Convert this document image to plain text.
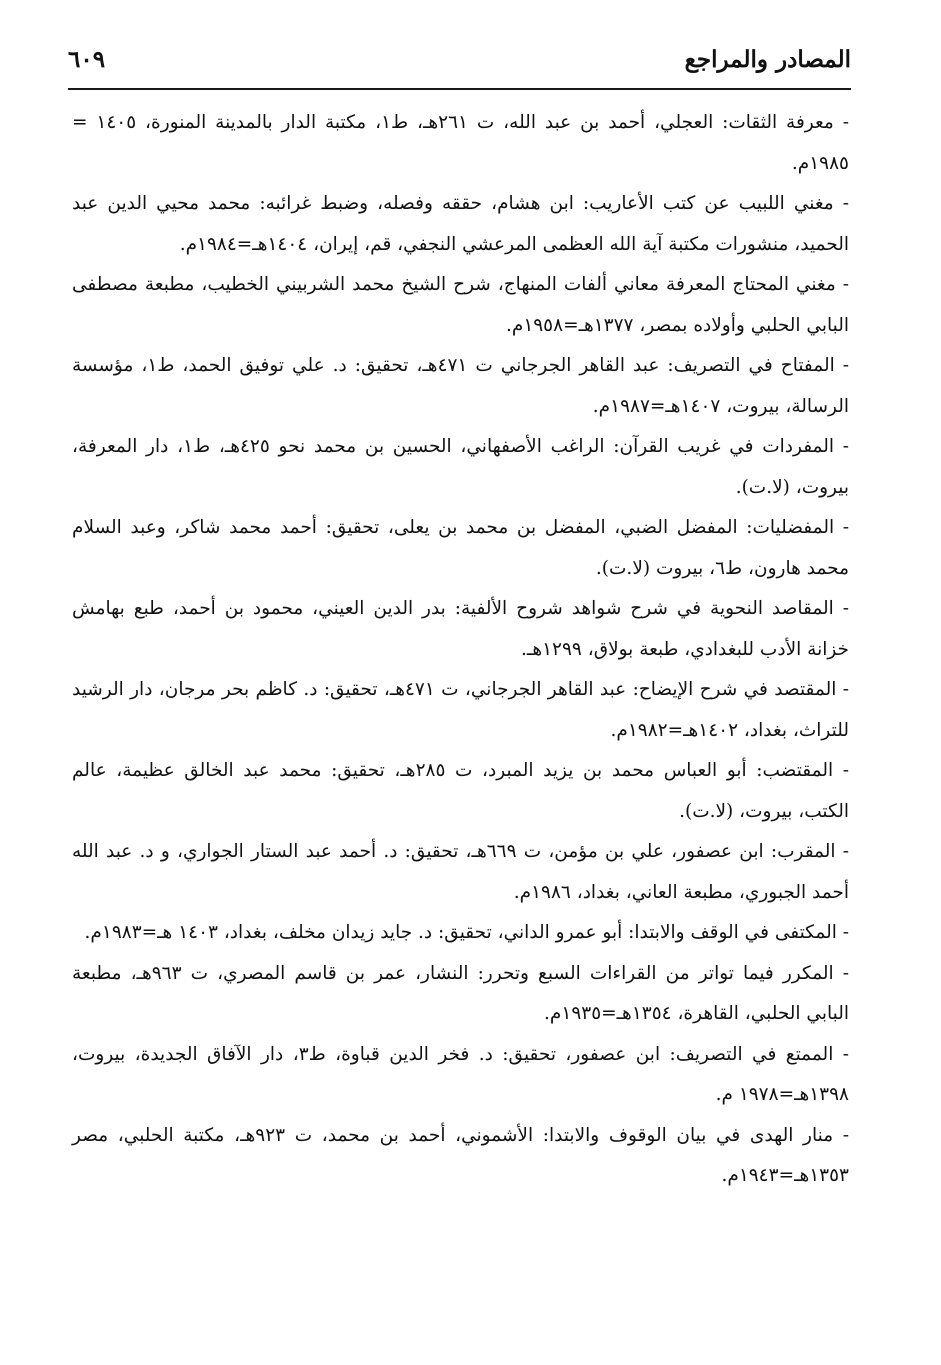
المصادر والمراجع
٦٠٩

- معرفة الثقات: العجلي، أحمد بن عبد الله، ت ٢٦١هـ، ط١، مكتبة الدار بالمدينة المنورة، ١٤٠٥ = ١٩٨٥م.

- مغني اللبيب عن كتب الأعاريب: ابن هشام، حققه وفصله، وضبط غرائبه: محمد محيي الدين عبد الحميد، منشورات مكتبة آية الله العظمى المرعشي النجفي، قم، إيران، ١٤٠٤هـ=١٩٨٤م.

- مغني المحتاج المعرفة معاني ألفات المنهاج، شرح الشيخ محمد الشربيني الخطيب، مطبعة مصطفى البابي الحلبي وأولاده بمصر، ١٣٧٧هـ=١٩٥٨م.

- المفتاح في التصريف: عبد القاهر الجرجاني ت ٤٧١هـ، تحقيق: د. علي توفيق الحمد، ط١، مؤسسة الرسالة، بيروت، ١٤٠٧هـ=١٩٨٧م.

- المفردات في غريب القرآن: الراغب الأصفهاني، الحسين بن محمد نحو ٤٢٥هـ، ط١، دار المعرفة، بيروت، (لا.ت).

- المفضليات: المفضل الضبي، المفضل بن محمد بن يعلى، تحقيق: أحمد محمد شاكر، وعبد السلام محمد هارون، ط٦، بيروت (لا.ت).

- المقاصد النحوية في شرح شواهد شروح الألفية: بدر الدين العيني، محمود بن أحمد، طبع بهامش خزانة الأدب للبغدادي، طبعة بولاق، ١٢٩٩هـ.

- المقتصد في شرح الإيضاح: عبد القاهر الجرجاني، ت ٤٧١هـ، تحقيق: د. كاظم بحر مرجان، دار الرشيد للتراث، بغداد، ١٤٠٢هـ=١٩٨٢م.

- المقتضب: أبو العباس محمد بن يزيد المبرد، ت ٢٨٥هـ، تحقيق: محمد عبد الخالق عظيمة، عالم الكتب، بيروت، (لا.ت).

- المقرب: ابن عصفور، علي بن مؤمن، ت ٦٦٩هـ، تحقيق: د. أحمد عبد الستار الجواري، و د. عبد الله أحمد الجبوري، مطبعة العاني، بغداد، ١٩٨٦م.

- المكتفى في الوقف والابتدا: أبو عمرو الداني، تحقيق: د. جايد زيدان مخلف، بغداد، ١٤٠٣ هـ=١٩٨٣م.

- المكرر فيما تواتر من القراءات السبع وتحرر: النشار، عمر بن قاسم المصري، ت ٩٦٣هـ، مطبعة البابي الحلبي، القاهرة، ١٣٥٤هـ=١٩٣٥م.

- الممتع في التصريف: ابن عصفور، تحقيق: د. فخر الدين قباوة، ط٣، دار الآفاق الجديدة، بيروت، ١٣٩٨هـ=١٩٧٨ م.

- منار الهدى في بيان الوقوف والابتدا: الأشموني، أحمد بن محمد، ت ٩٢٣هـ، مكتبة الحلبي، مصر ١٣٥٣هـ=١٩٤٣م.
